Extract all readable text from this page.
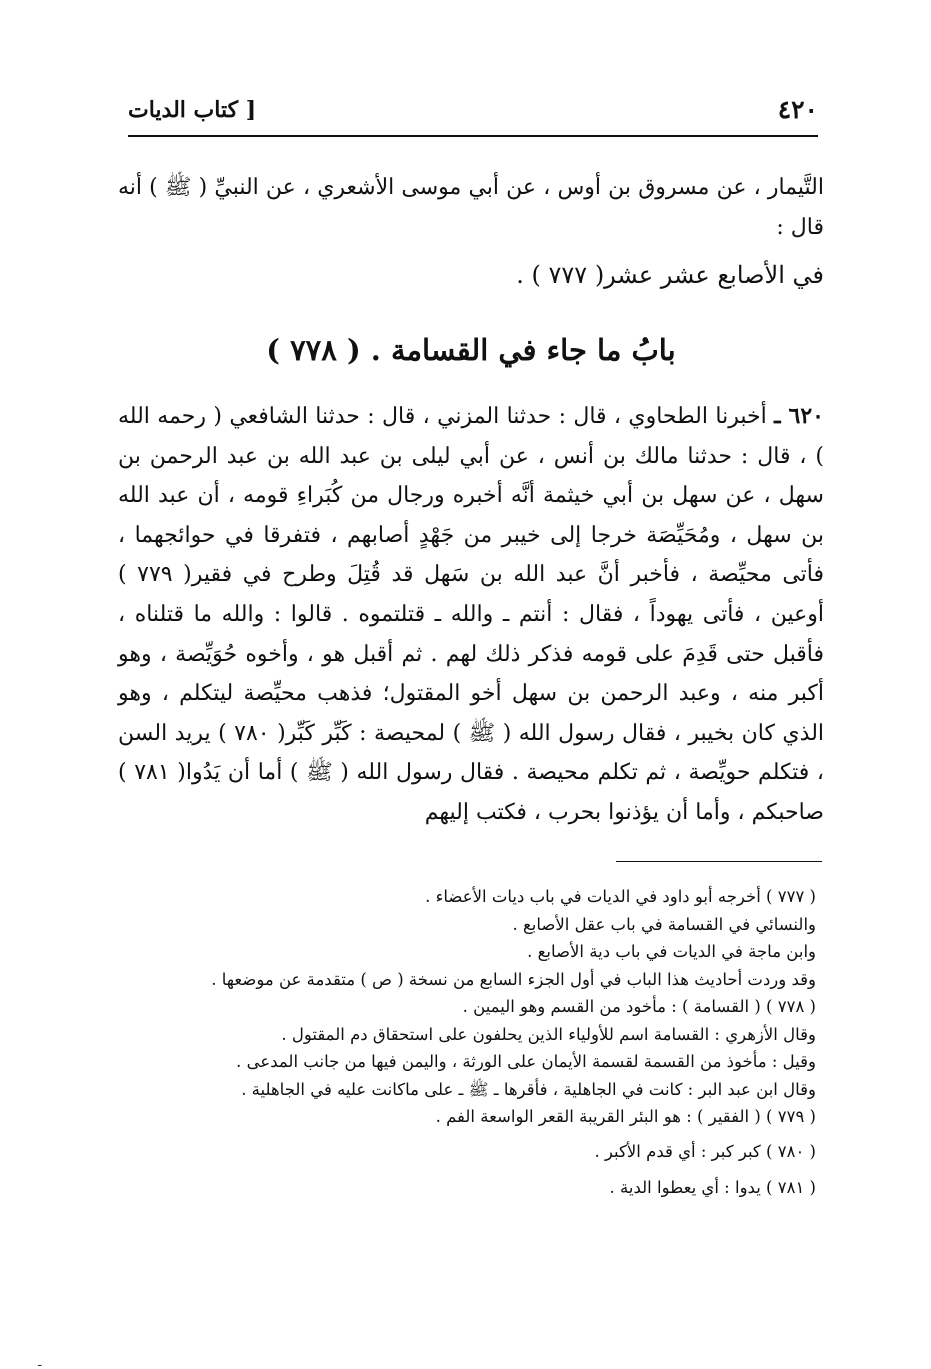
٤٢٠
[ كتاب الديات
التَّيمار ، عن مسروق بن أوس ، عن أبي موسى الأشعري ، عن النبيِّ ( ﷺ ) أنه قال :
في الأصابع عشر عشر( ٧٧٧ ) .
بابُ ما جاء في القسامة . ( ٧٧٨ )
٦٢٠ ـ أخبرنا الطحاوي ، قال : حدثنا المزني ، قال : حدثنا الشافعي ( رحمه الله ) ، قال : حدثنا مالك بن أنس ، عن أبي ليلى بن عبد الله بن عبد الرحمن بن سهل ، عن سهل بن أبي خيثمة أنَّه أخبره ورجال من كُبَراءِ قومه ، أن عبد الله بن سهل ، ومُحَيِّصَة خرجا إلى خيبر من جَهْدٍ أصابهم ، فتفرقا في حوائجهما ، فأتى محيِّصة ، فأخبر أنَّ عبد الله بن سَهل قد قُتِلَ وطرح في فقير( ٧٧٩ ) أوعين ، فأتى يهوداً ، فقال : أنتم ـ والله ـ قتلتموه . قالوا : والله ما قتلناه ، فأقبل حتى قَدِمَ على قومه فذكر ذلك لهم . ثم أقبل هو ، وأخوه حُوَيِّصة ، وهو أكبر منه ، وعبد الرحمن بن سهل أخو المقتول؛ فذهب محيِّصة ليتكلم ، وهو الذي كان بخيبر ، فقال رسول الله ( ﷺ ) لمحيصة : كَبِّر كَبِّر( ٧٨٠ ) يريد السن ، فتكلم حويِّصة ، ثم تكلم محيصة . فقال رسول الله ( ﷺ ) أما أن يَدُوا( ٧٨١ ) صاحبكم ، وأما أن يؤذنوا بحرب ، فكتب إليهم
( ٧٧٧ ) أخرجه أبو داود في الديات في باب ديات الأعضاء .
والنسائي في القسامة في باب عقل الأصابع .
وابن ماجة في الديات في باب دية الأصابع .
وقد وردت أحاديث هذا الباب في أول الجزء السابع من نسخة ( ص ) متقدمة عن موضعها .
( ٧٧٨ ) ( القسامة ) : مأخود من القسم وهو اليمين .
وقال الأزهري : القسامة اسم للأولياء الذين يحلفون على استحقاق دم المقتول .
وقيل : مأخوذ من القسمة لقسمة الأيمان على الورثة ، واليمن فيها من جانب المدعى .
وقال ابن عبد البر : كانت في الجاهلية ، فأقرها ـ ﷺ ـ على ماكانت عليه في الجاهلية .
( ٧٧٩ ) ( الفقير ) : هو البئر القريبة القعر الواسعة الفم .
( ٧٨٠ ) كبر كبر : أي قدم الأكبر .
( ٧٨١ ) يدوا : أي يعطوا الدية .
ـ
